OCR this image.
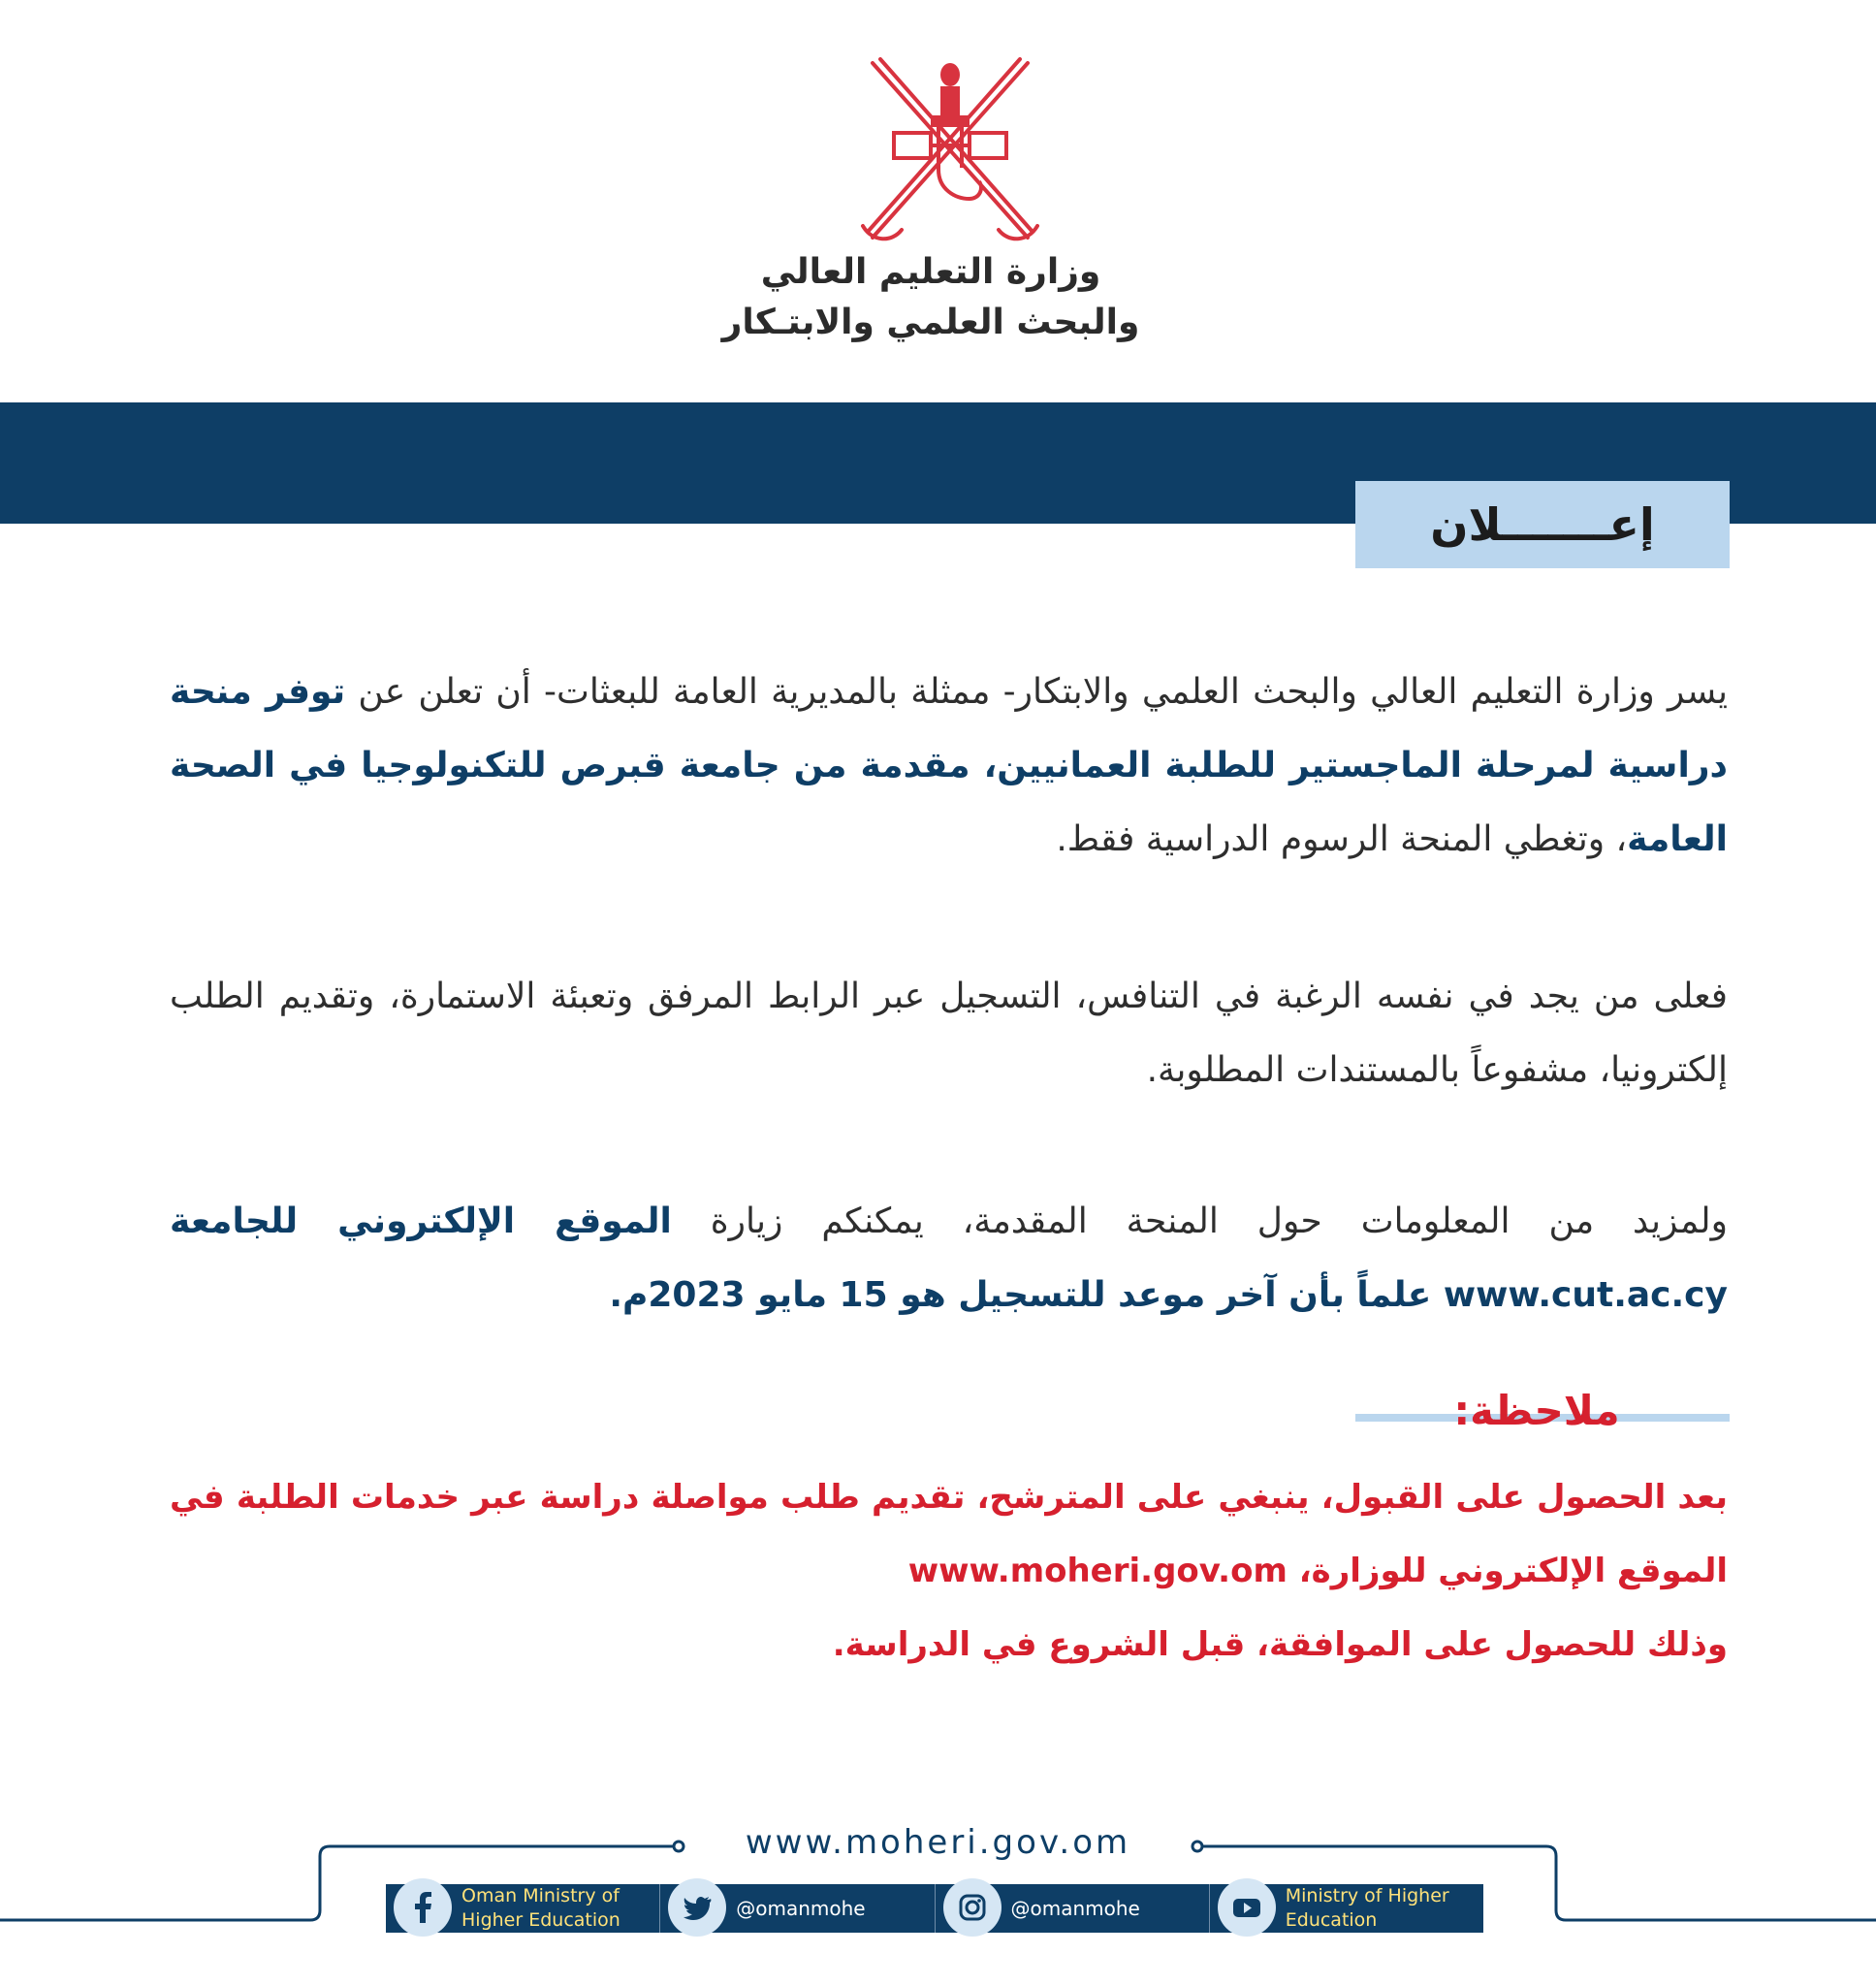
وزارة التعليم العالي
والبحث العلمي والابتـكار
إعـــــــلان
يسر وزارة التعليم العالي والبحث العلمي والابتكار- ممثلة بالمديرية العامة للبعثات- أن تعلن عن توفر منحة دراسية لمرحلة الماجستير للطلبة العمانيين، مقدمة من جامعة قبرص للتكنولوجيا في الصحة العامة، وتغطي المنحة الرسوم الدراسية فقط.
فعلى من يجد في نفسه الرغبة في التنافس، التسجيل عبر الرابط المرفق وتعبئة الاستمارة، وتقديم الطلب إلكترونيا، مشفوعاً بالمستندات المطلوبة.
ولمزيد من المعلومات حول المنحة المقدمة، يمكنكم زيارة الموقع الإلكتروني للجامعة www.cut.ac.cy علماً بأن آخر موعد للتسجيل هو 15 مايو 2023م.
ملاحظة:
بعد الحصول على القبول، ينبغي على المترشح، تقديم طلب مواصلة دراسة عبر خدمات الطلبة في الموقع الإلكتروني للوزارة، www.moheri.gov.om
وذلك للحصول على الموافقة، قبل الشروع في الدراسة.
www.moheri.gov.om
Oman Ministry of Higher Education
@omanmohe	@omanmohe
Ministry of Higher Education
